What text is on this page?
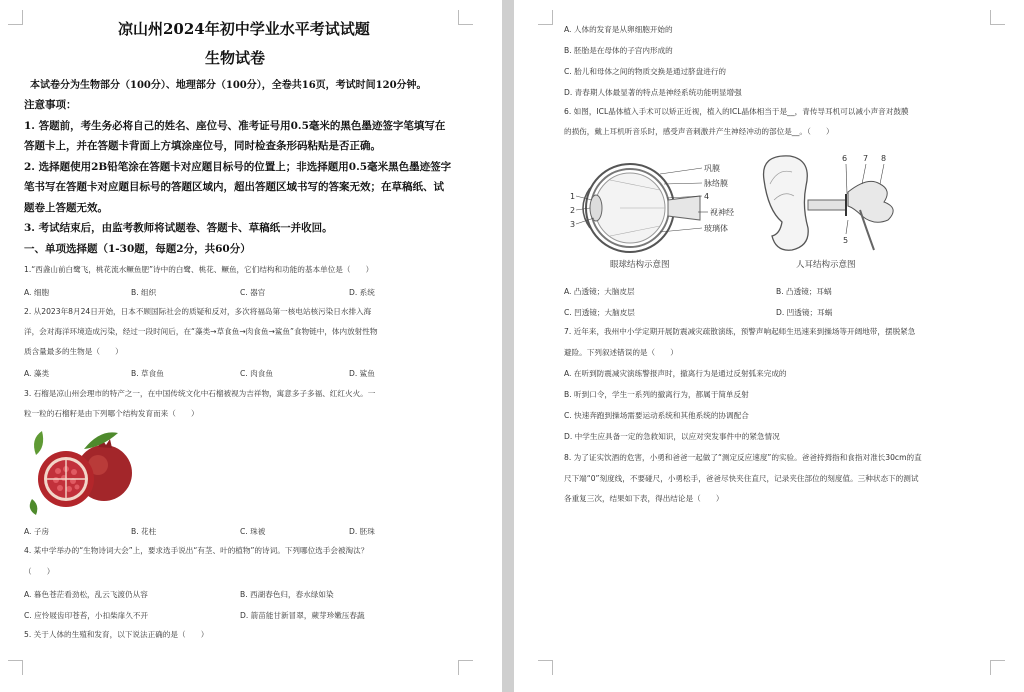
凉山州2024年初中学业水平考试试题
生物试卷
本试卷分为生物部分（100分）、地理部分（100分），全卷共16页，考试时间120分钟。
注意事项：
1. 答题前，考生务必将自己的姓名、座位号、准考证号用0.5毫米的黑色墨迹签字笔填写在
答题卡上，并在答题卡背面上方填涂座位号，同时检查条形码粘贴是否正确。
2. 选择题使用2B铅笔涂在答题卡对应题目标号的位置上；非选择题用0.5毫米黑色墨迹签字
笔书写在答题卡对应题目标号的答题区域内，超出答题区域书写的答案无效；在草稿纸、试
题卷上答题无效。
3. 考试结束后，由监考教师将试题卷、答题卡、草稿纸一并收回。
一、单项选择题（1-30题，每题2分，共60分）
1.“西盏山前白鹭飞，桃花流水鳜鱼肥”诗中的白鹭、桃花、鳜鱼，它们结构和功能的基本单位是（　　）
A. 细胞	B. 组织	C. 器官	D. 系统
2. 从2023年8月24日开始，日本不顾国际社会的质疑和反对，多次将福岛第一核电站核污染日水排入海
洋，会对海洋环境造成污染，经过一段时间后，在“藻类→草食鱼→肉食鱼→鲨鱼”食物链中，体内放射性物
质含量最多的生物是（　　）
A. 藻类	B. 草食鱼	C. 肉食鱼	D. 鲨鱼
3. 石榴是凉山州会理市的特产之一，在中国传统文化中石榴被视为吉祥物，寓意多子多福、红红火火。一
粒一粒的石榴籽是由下列哪个结构发育而来（　　）
A. 子房	B. 花柱	C. 珠被	D. 胚珠
4. 某中学举办的“生物诗词大会”上，要求选手说出“有茎、叶的植物”的诗词。下列哪位选手会被淘汰？
（　　）
A. 暮色苍茫看劲松，乱云飞渡仍从容	B. 西湖春色归，春水绿如染
C. 应怜屐齿印苍苔，小扣柴扉久不开	D. 箭苗能甘新冒翠，蕨芽珍嫩压春蔬
5. 关于人体的生殖和发育，以下说法正确的是（　　）
A. 人体的发育是从卵细胞开始的
B. 胚胎是在母体的子宫内形成的
C. 胎儿和母体之间的物质交换是通过脐盘进行的
D. 青春期人体最显著的特点是神经系统功能明显增强
6. 如图，ICL晶体植入手术可以矫正近视，植入的ICL晶体相当于是__，青传导耳机可以减小声音对鼓膜
的损伤，戴上耳机听音乐时，感受声音刺激并产生神经冲动的部位是__。（　　）
巩膜
脉络膜
4
视神经
玻璃体
1
2
3
眼球结构示意图
6 7 8
5
人耳结构示意图
A. 凸透镜；大脑皮层	B. 凸透镜；耳蜗
C. 凹透镜；大脑皮层	D. 凹透镜；耳蜗
7. 近年来，我州中小学定期开展防震减灾疏散演练，预警声响起师生迅速来到操场等开阔地带，摆脱紧急
避险。下列叙述错误的是（　　）
A. 在听到防震减灾演练警报声时，撤离行为是通过反射弧来完成的
B. 听到口令，学生一系列的撤离行为，都属于简单反射
C. 快速奔跑到操场需要运动系统和其他系统的协调配合
D. 中学生应具备一定的急救知识，以应对突发事件中的紧急情况
8. 为了证实饮酒的危害，小勇和爸爸一起做了“测定反应速度”的实验。爸爸持拇指和食指对准长30cm的直
尺下端“0”刻度线，不要碰尺，小勇松手，爸爸尽快夹住直尺，记录夹住部位的刻度值。三种状态下的测试
各重复三次，结果如下表，得出结论是（　　）
